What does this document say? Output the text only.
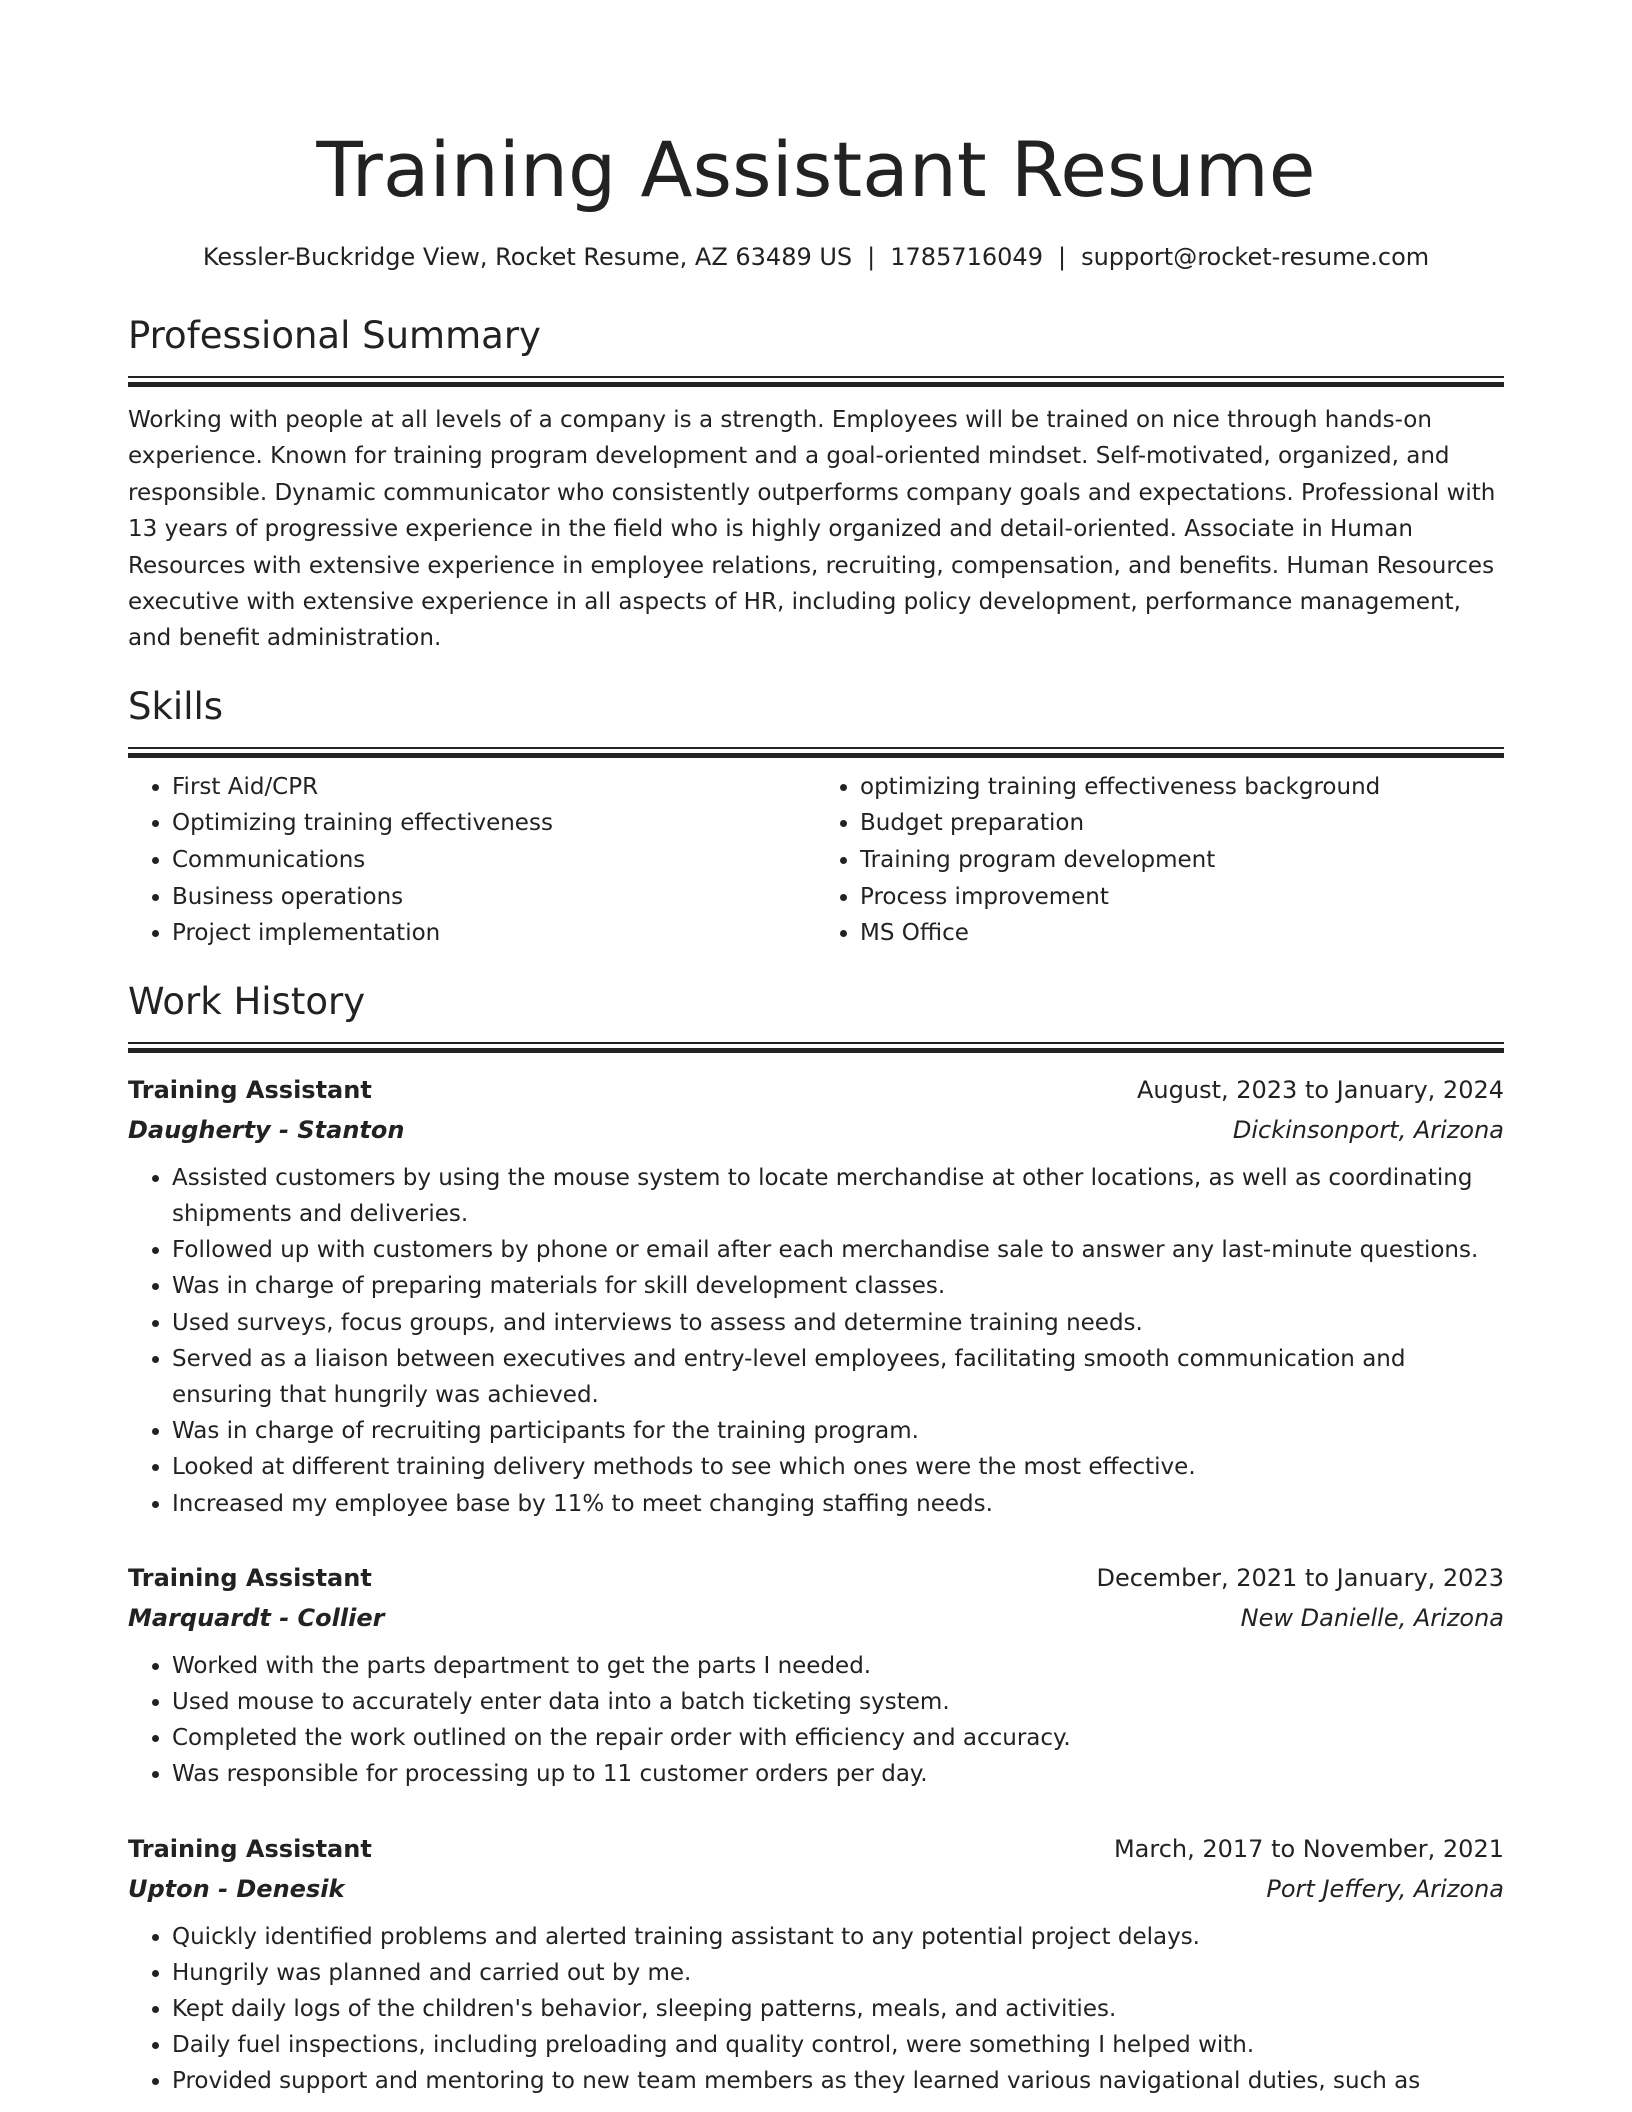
Training Assistant Resume
Kessler-Buckridge View, Rocket Resume, AZ 63489 US | 1785716049 | support@rocket-resume.com
Professional Summary

Working with people at all levels of a company is a strength. Employees will be trained on nice through hands-on experience. Known for training program development and a goal-oriented mindset. Self-motivated, organized, and responsible. Dynamic communicator who consistently outperforms company goals and expectations. Professional with 13 years of progressive experience in the field who is highly organized and detail-oriented. Associate in Human Resources with extensive experience in employee relations, recruiting, compensation, and benefits. Human Resources executive with extensive experience in all aspects of HR, including policy development, performance management, and benefit administration.

Skills
• First Aid/CPR
• Optimizing training effectiveness
• Communications
• Business operations
• Project implementation
• optimizing training effectiveness background
• Budget preparation
• Training program development
• Process improvement
• MS Office
Work History
Training Assistant	August, 2023 to January, 2024
Daugherty - Stanton	Dickinsonport, Arizona
• Assisted customers by using the mouse system to locate merchandise at other locations, as well as coordinating shipments and deliveries.
• Followed up with customers by phone or email after each merchandise sale to answer any last-minute questions.
• Was in charge of preparing materials for skill development classes.
• Used surveys, focus groups, and interviews to assess and determine training needs.
• Served as a liaison between executives and entry-level employees, facilitating smooth communication and ensuring that hungrily was achieved.
• Was in charge of recruiting participants for the training program.
• Looked at different training delivery methods to see which ones were the most effective.
• Increased my employee base by 11% to meet changing staffing needs.
Training Assistant	December, 2021 to January, 2023
Marquardt - Collier	New Danielle, Arizona
• Worked with the parts department to get the parts I needed.
• Used mouse to accurately enter data into a batch ticketing system.
• Completed the work outlined on the repair order with efficiency and accuracy.
• Was responsible for processing up to 11 customer orders per day.
Training Assistant	March, 2017 to November, 2021
Upton - Denesik	Port Jeffery, Arizona
• Quickly identified problems and alerted training assistant to any potential project delays.
• Hungrily was planned and carried out by me.
• Kept daily logs of the children's behavior, sleeping patterns, meals, and activities.
• Daily fuel inspections, including preloading and quality control, were something I helped with.
• Provided support and mentoring to new team members as they learned various navigational duties, such as
